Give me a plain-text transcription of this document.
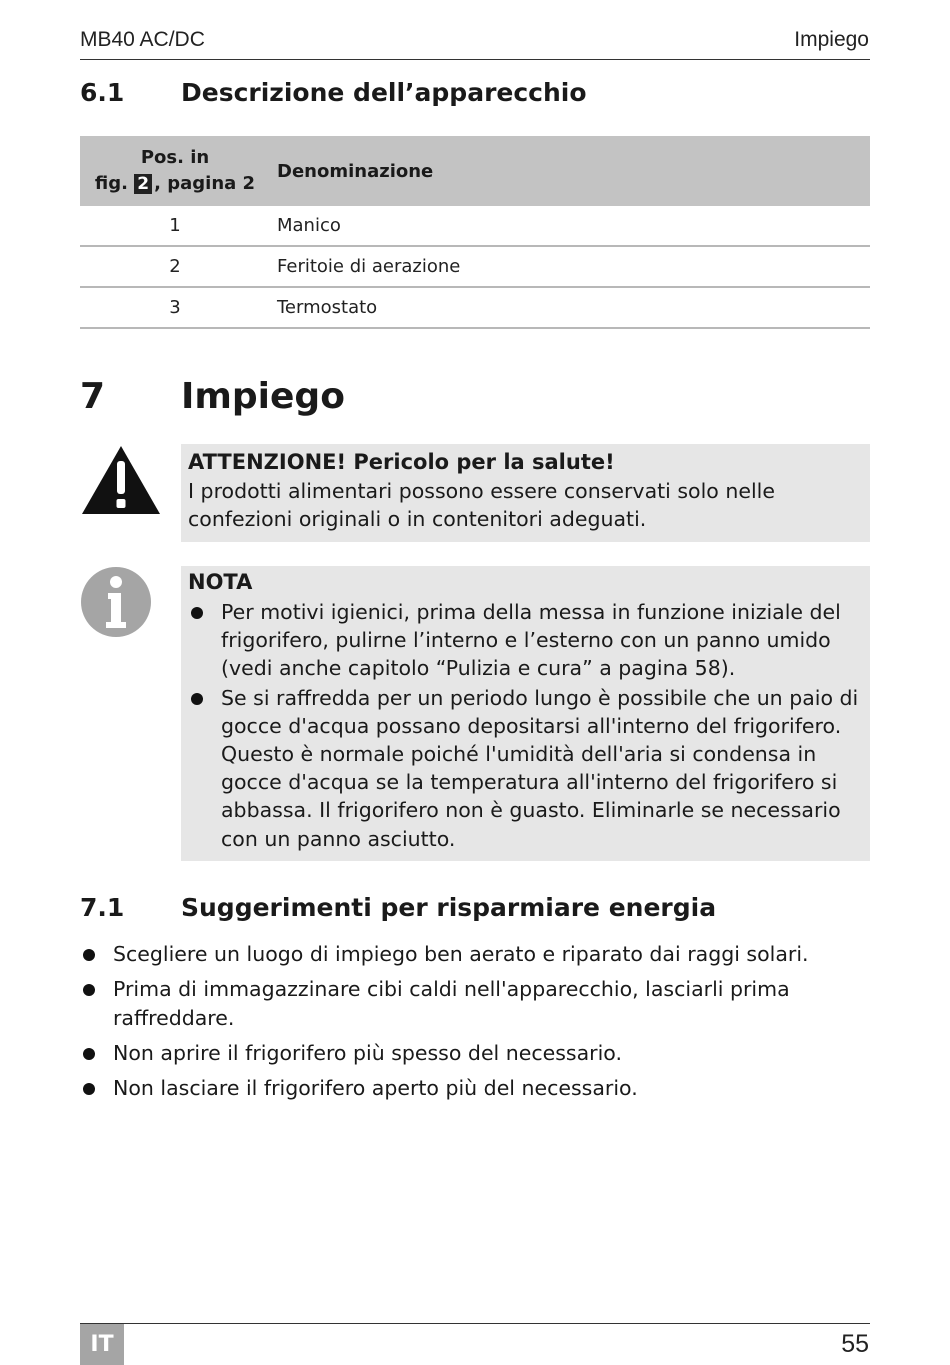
MB40 AC/DC	Impiego
6.1 Descrizione dell’apparecchio
Pos. in
fig. 2 , pagina 2	Denominazione
1	Manico
2	Feritoie di aerazione
3	Termostato
7 Impiego
ATTENZIONE! Pericolo per la salute!
I prodotti alimentari possono essere conservati solo nelle
confezioni originali o in contenitori adeguati.
NOTA
Per motivi igienici, prima della messa in funzione iniziale del
frigorifero, pulirne l’interno e l’esterno con un panno umido
(vedi anche capitolo “Pulizia e cura” a pagina 58).
Se si raffredda per un periodo lungo è possibile che un paio di
gocce d'acqua possano depositarsi all'interno del frigorifero.
Questo è normale poiché l'umidità dell'aria si condensa in
gocce d'acqua se la temperatura all'interno del frigorifero si
abbassa. Il frigorifero non è guasto. Eliminarle se necessario
con un panno asciutto.
7.1 Suggerimenti per risparmiare energia
Scegliere un luogo di impiego ben aerato e riparato dai raggi solari.
Prima di immagazzinare cibi caldi nell'apparecchio, lasciarli prima
raffreddare.
Non aprire il frigorifero più spesso del necessario.
Non lasciare il frigorifero aperto più del necessario.
IT	55
